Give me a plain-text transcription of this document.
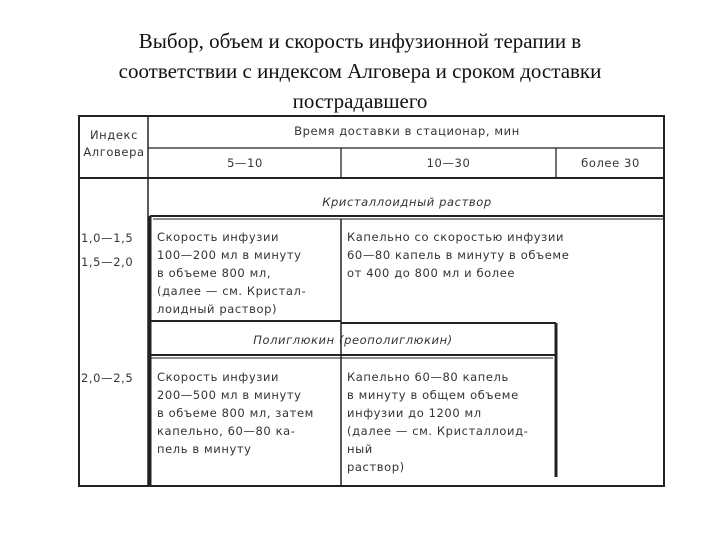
Выбор, объем и скорость инфузионной терапии в
соответствии с индексом Алговера и сроком доставки
пострадавшего
Индекс
Алговера
Время доставки в стационар, мин
5—10	10—30	более 30
Кристаллоидный раствор
Полиглюкин (реополиглюкин)
1,0—1,5
1,5—2,0
Скорость инфузии
100—200 мл в минуту
в объеме 800 мл,
(далее — см. Кристал-
лоидный раствор)
Капельно со скоростью инфузии
60—80 капель в минуту в объеме
от 400 до 800 мл и более
2,0—2,5 Скорость инфузии
200—500 мл в минуту
в объеме 800 мл, затем
капельно, 60—80 ка-
пель в минуту
Капельно 60—80 капель
в минуту в общем объеме
инфузии до 1200 мл
(далее — см. Кристаллоид-
ный
раствор)
